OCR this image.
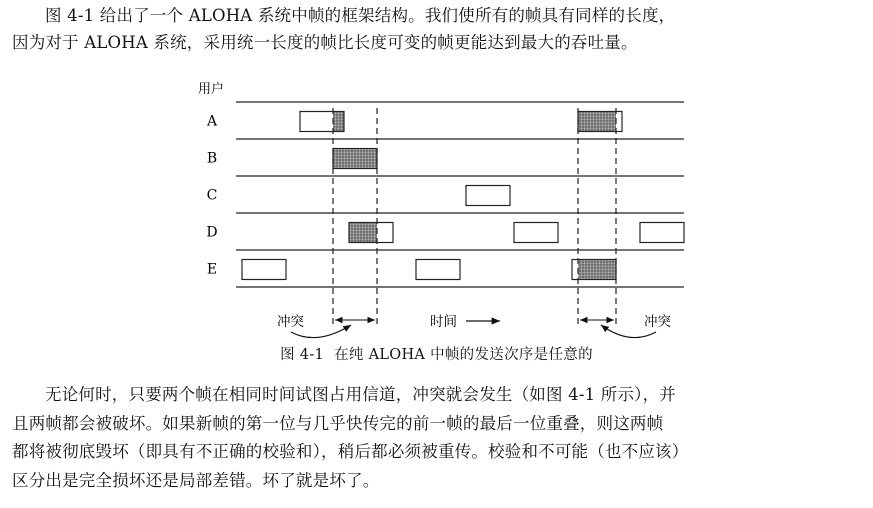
图 4-1 给出了一个 ALOHA 系统中帧的框架结构。我们使所有的帧具有同样的长度，
因为对于 ALOHA 系统，采用统一长度的帧比长度可变的帧更能达到最大的吞吐量。
用户
A
B
C
D
E
冲突	冲突
时间
图 4-1 在纯 ALOHA 中帧的发送次序是任意的
无论何时，只要两个帧在相同时间试图占用信道，冲突就会发生（如图 4-1 所示），并
且两帧都会被破坏。如果新帧的第一位与几乎快传完的前一帧的最后一位重叠，则这两帧
都将被彻底毁坏（即具有不正确的校验和），稍后都必须被重传。校验和不可能（也不应该）
区分出是完全损坏还是局部差错。坏了就是坏了。
